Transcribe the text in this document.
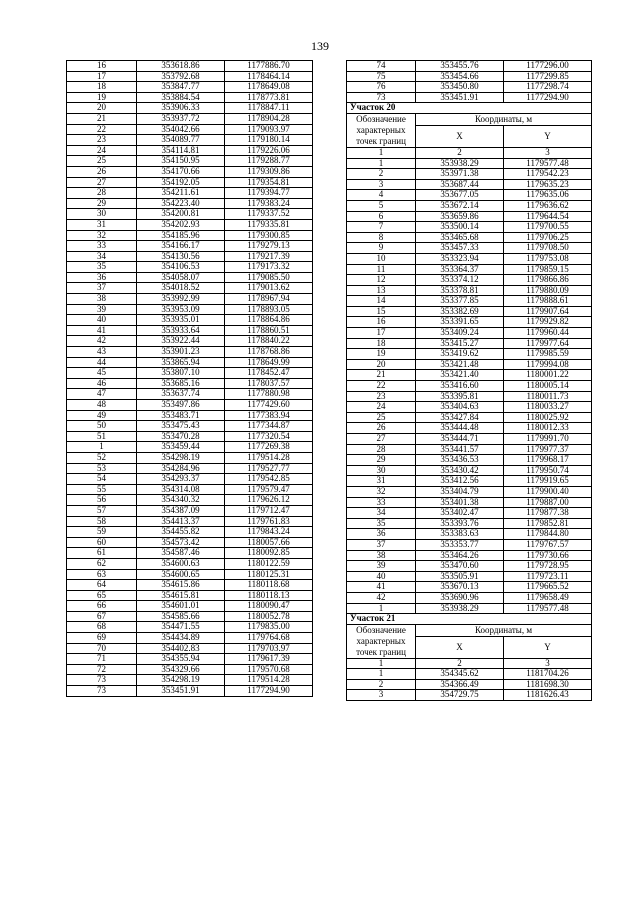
139
16	353618.86	1177886.70
17	353792.68	1178464.14
18	353847.77	1178649.08
19	353884.54	1178773.81
20	353906.33	1178847.11
21	353937.72	1178904.28
22	354042.66	1179093.97
23	354089.77	1179180.14
24	354114.81	1179226.06
25	354150.95	1179288.77
26	354170.66	1179309.86
27	354192.05	1179354.81
28	354211.61	1179394.77
29	354223.40	1179383.24
30	354200.81	1179337.52
31	354202.93	1179335.81
32	354185.96	1179300.85
33	354166.17	1179279.13
34	354130.56	1179217.39
35	354106.53	1179173.32
36	354058.07	1179085.50
37	354018.52	1179013.62
38	353992.99	1178967.94
39	353953.09	1178893.05
40	353935.01	1178864.86
41	353933.64	1178860.51
42	353922.44	1178840.22
43	353901.23	1178768.86
44	353865.94	1178649.99
45	353807.10	1178452.47
46	353685.16	1178037.57
47	353637.74	1177880.98
48	353497.86	1177429.60
49	353483.71	1177383.94
50	353475.43	1177344.87
51	353470.28	1177320.54
1	353459.44	1177269.38
52	354298.19	1179514.28
53	354284.96	1179527.77
54	354293.37	1179542.85
55	354314.08	1179579.47
56	354340.32	1179626.12
57	354387.09	1179712.47
58	354413.37	1179761.83
59	354455.82	1179843.24
60	354573.42	1180057.66
61	354587.46	1180092.85
62	354600.63	1180122.59
63	354600.65	1180125.31
64	354615.86	1180118.68
65	354615.81	1180118.13
66	354601.01	1180090.47
67	354585.66	1180052.78
68	354471.55	1179835.00
69	354434.89	1179764.68
70	354402.83	1179703.97
71	354355.94	1179617.39
72	354329.66	1179570.68
73	354298.19	1179514.28
73	353451.91	1177294.90
74	353455.76	1177296.00
75	353454.66	1177299.85
76	353450.80	1177298.74
73	353451.91	1177294.90
Участок 20		
Обозначение характерных точек границ	Координаты, м	
	X	Y
1	2	3
1	353938.29	1179577.48
2	353971.38	1179542.23
3	353687.44	1179635.23
4	353677.05	1179635.06
5	353672.14	1179636.62
6	353659.86	1179644.54
7	353500.14	1179700.55
8	353465.68	1179706.25
9	353457.33	1179708.50
10	353323.94	1179753.08
11	353364.37	1179859.15
12	353374.12	1179866.86
13	353378.81	1179880.09
14	353377.85	1179888.61
15	353382.69	1179907.64
16	353391.65	1179929.82
17	353409.24	1179960.44
18	353415.27	1179977.64
19	353419.62	1179985.59
20	353421.48	1179994.08
21	353421.40	1180001.22
22	353416.60	1180005.14
23	353395.81	1180011.73
24	353404.63	1180033.27
25	353427.84	1180025.92
26	353444.48	1180012.33
27	353444.71	1179991.70
28	353441.57	1179977.37
29	353436.53	1179968.17
30	353430.42	1179950.74
31	353412.56	1179919.65
32	353404.79	1179900.40
33	353401.38	1179887.00
34	353402.47	1179877.38
35	353393.76	1179852.81
36	353383.63	1179844.80
37	353353.77	1179767.57
38	353464.26	1179730.66
39	353470.60	1179728.95
40	353505.91	1179723.11
41	353670.13	1179665.52
42	353690.96	1179658.49
1	353938.29	1179577.48
Участок 21		
Обозначение характерных точек границ	Координаты, м	
	X	Y
1	2	3
1	354345.62	1181704.26
2	354366.49	1181698.30
3	354729.75	1181626.43
